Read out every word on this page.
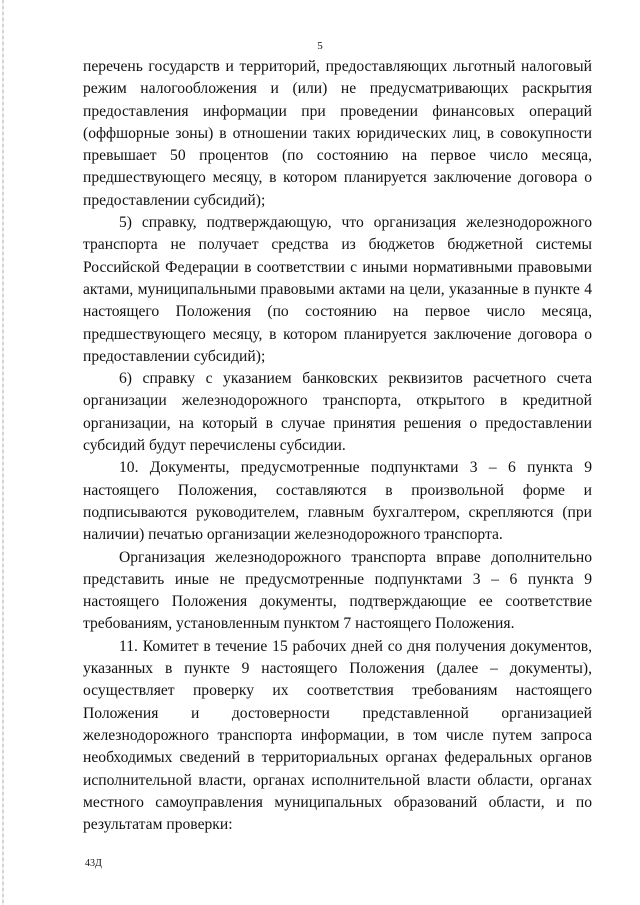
5

перечень государств и территорий, предоставляющих льготный налоговый режим налогообложения и (или) не предусматривающих раскрытия предоставления информации при проведении финансовых операций (оффшорные зоны) в отношении таких юридических лиц, в совокупности превышает 50 процентов (по состоянию на первое число месяца, предшествующего месяцу, в котором планируется заключение договора о предоставлении субсидий);

5) справку, подтверждающую, что организация железнодорожного транспорта не получает средства из бюджетов бюджетной системы Российской Федерации в соответствии с иными нормативными правовыми актами, муниципальными правовыми актами на цели, указанные в пункте 4 настоящего Положения (по состоянию на первое число месяца, предшествующего месяцу, в котором планируется заключение договора о предоставлении субсидий);

6) справку с указанием банковских реквизитов расчетного счета организации железнодорожного транспорта, открытого в кредитной организации, на который в случае принятия решения о предоставлении субсидий будут перечислены субсидии.

10. Документы, предусмотренные подпунктами 3 – 6 пункта 9 настоящего Положения, составляются в произвольной форме и подписываются руководителем, главным бухгалтером, скрепляются (при наличии) печатью организации железнодорожного транспорта.

Организация железнодорожного транспорта вправе дополнительно представить иные не предусмотренные подпунктами 3 – 6 пункта 9 настоящего Положения документы, подтверждающие ее соответствие требованиям, установленным пунктом 7 настоящего Положения.

11. Комитет в течение 15 рабочих дней со дня получения документов, указанных в пункте 9 настоящего Положения (далее – документы), осуществляет проверку их соответствия требованиям настоящего Положения и достоверности представленной организацией железнодорожного транспорта информации, в том числе путем запроса необходимых сведений в территориальных органах федеральных органов исполнительной власти, органах исполнительной власти области, органах местного самоуправления муниципальных образований области, и по результатам проверки:

43Д
